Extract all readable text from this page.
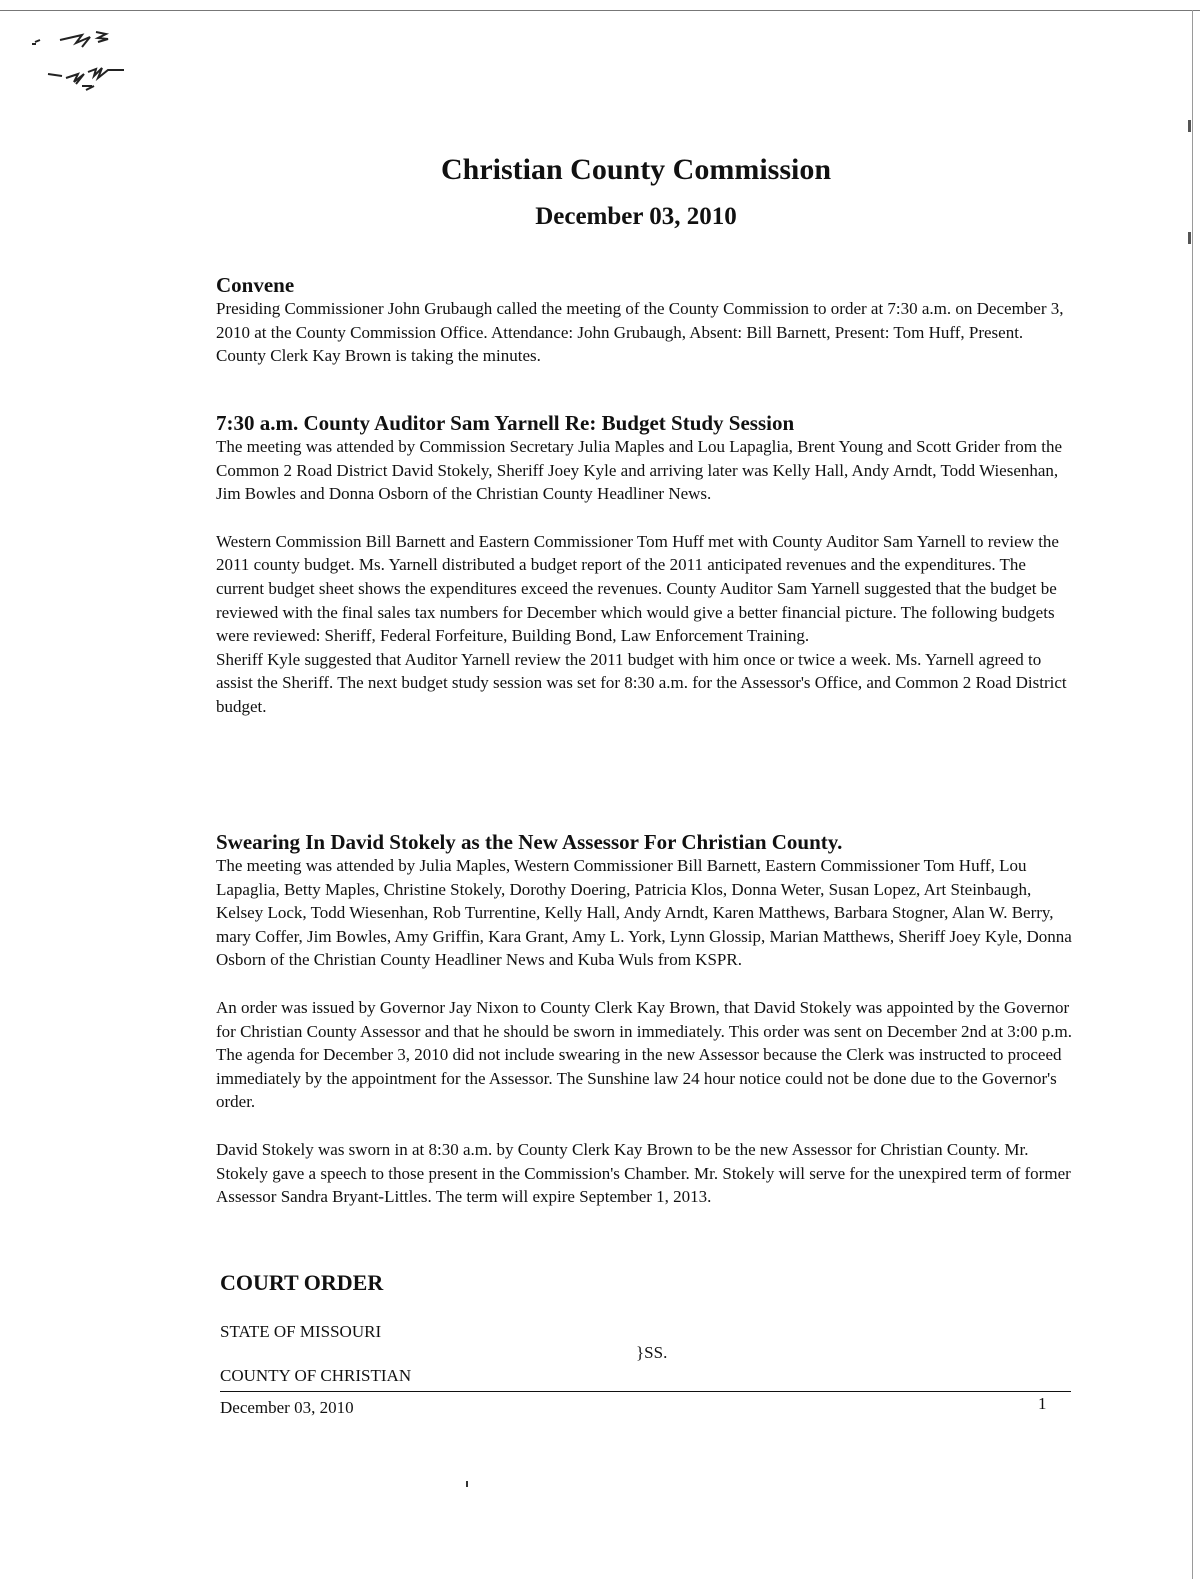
Christian County Commission
December 03, 2010
Convene

Presiding Commissioner John Grubaugh called the meeting of the County Commission to order at 7:30 a.m. on December 3, 2010 at the County Commission Office. Attendance: John Grubaugh, Absent: Bill Barnett, Present: Tom Huff, Present. County Clerk Kay Brown is taking the minutes.

7:30 a.m. County Auditor Sam Yarnell Re: Budget Study Session

The meeting was attended by Commission Secretary Julia Maples and Lou Lapaglia, Brent Young and Scott Grider from the Common 2 Road District David Stokely, Sheriff Joey Kyle and arriving later was Kelly Hall, Andy Arndt, Todd Wiesenhan, Jim Bowles and Donna Osborn of the Christian County Headliner News.

Western Commission Bill Barnett and Eastern Commissioner Tom Huff met with County Auditor Sam Yarnell to review the 2011 county budget. Ms. Yarnell distributed a budget report of the 2011 anticipated revenues and the expenditures. The current budget sheet shows the expenditures exceed the revenues. County Auditor Sam Yarnell suggested that the budget be reviewed with the final sales tax numbers for December which would give a better financial picture. The following budgets were reviewed: Sheriff, Federal Forfeiture, Building Bond, Law Enforcement Training.

Sheriff Kyle suggested that Auditor Yarnell review the 2011 budget with him once or twice a week. Ms. Yarnell agreed to assist the Sheriff. The next budget study session was set for 8:30 a.m. for the Assessor's Office, and Common 2 Road District budget.

Swearing In David Stokely as the New Assessor For Christian County.

The meeting was attended by Julia Maples, Western Commissioner Bill Barnett, Eastern Commissioner Tom Huff, Lou Lapaglia, Betty Maples, Christine Stokely, Dorothy Doering, Patricia Klos, Donna Weter, Susan Lopez, Art Steinbaugh, Kelsey Lock, Todd Wiesenhan, Rob Turrentine, Kelly Hall, Andy Arndt, Karen Matthews, Barbara Stogner, Alan W. Berry, mary Coffer, Jim Bowles, Amy Griffin, Kara Grant, Amy L. York, Lynn Glossip, Marian Matthews, Sheriff Joey Kyle, Donna Osborn of the Christian County Headliner News and Kuba Wuls from KSPR.

An order was issued by Governor Jay Nixon to County Clerk Kay Brown, that David Stokely was appointed by the Governor for Christian County Assessor and that he should be sworn in immediately. This order was sent on December 2nd at 3:00 p.m. The agenda for December 3, 2010 did not include swearing in the new Assessor because the Clerk was instructed to proceed immediately by the appointment for the Assessor. The Sunshine law 24 hour notice could not be done due to the Governor's order.

David Stokely was sworn in at 8:30 a.m. by County Clerk Kay Brown to be the new Assessor for Christian County. Mr. Stokely gave a speech to those present in the Commission's Chamber. Mr. Stokely will serve for the unexpired term of former Assessor Sandra Bryant-Littles. The term will expire September 1, 2013.

COURT ORDER

STATE OF MISSOURI

}SS.

COUNTY OF CHRISTIAN

December 03, 2010	1
